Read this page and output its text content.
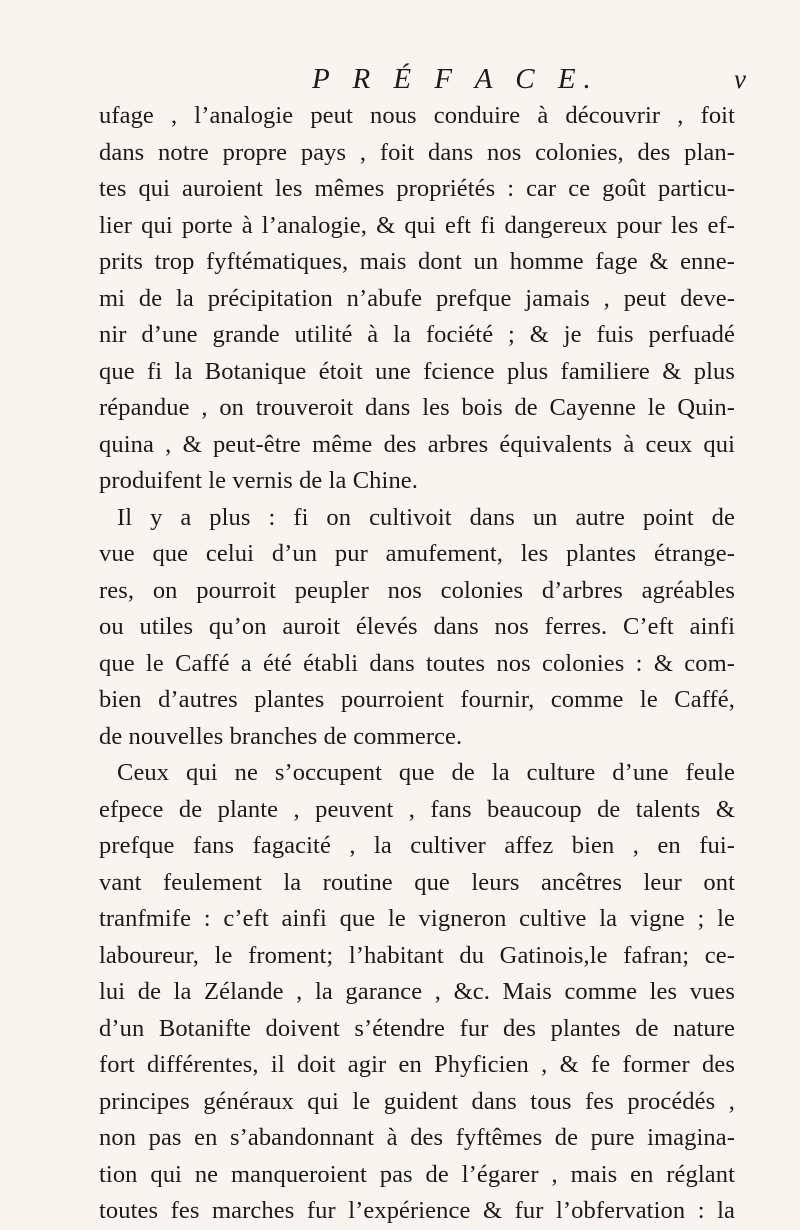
P R É F A C E.	v
ufage , l’analogie peut nous conduire à découvrir , foit
dans notre propre pays , foit dans nos colonies, des plan-
tes qui auroient les mêmes propriétés : car ce goût particu-
lier qui porte à l’analogie, & qui eft fi dangereux pour les ef-
prits trop fyftématiques, mais dont un homme fage & enne-
mi de la précipitation n’abufe prefque jamais , peut deve-
nir d’une grande utilité à la fociété ; & je fuis perfuadé
que fi la Botanique étoit une fcience plus familiere & plus
répandue , on trouveroit dans les bois de Cayenne le Quin-
quina , & peut-être même des arbres équivalents à ceux qui
produifent le vernis de la Chine.
Il y a plus : fi on cultivoit dans un autre point de
vue que celui d’un pur amufement, les plantes étrange-
res, on pourroit peupler nos colonies d’arbres agréables
ou utiles qu’on auroit élevés dans nos ferres. C’eft ainfi
que le Caffé a été établi dans toutes nos colonies : & com-
bien d’autres plantes pourroient fournir, comme le Caffé,
de nouvelles branches de commerce.
Ceux qui ne s’occupent que de la culture d’une feule
efpece de plante , peuvent , fans beaucoup de talents &
prefque fans fagacité , la cultiver affez bien , en fui-
vant feulement la routine que leurs ancêtres leur ont
tranfmife : c’eft ainfi que le vigneron cultive la vigne ; le
laboureur, le froment; l’habitant du Gatinois,le fafran; ce-
lui de la Zélande , la garance , &c. Mais comme les vues
d’un Botanifte doivent s’étendre fur des plantes de nature
fort différentes, il doit agir en Phyficien , & fe former des
principes généraux qui le guident dans tous fes procédés ,
non pas en s’abandonnant à des fyftêmes de pure imagina-
tion qui ne manqueroient pas de l’égarer , mais en réglant
toutes fes marches fur l’expérience & fur l’obfervation : la
